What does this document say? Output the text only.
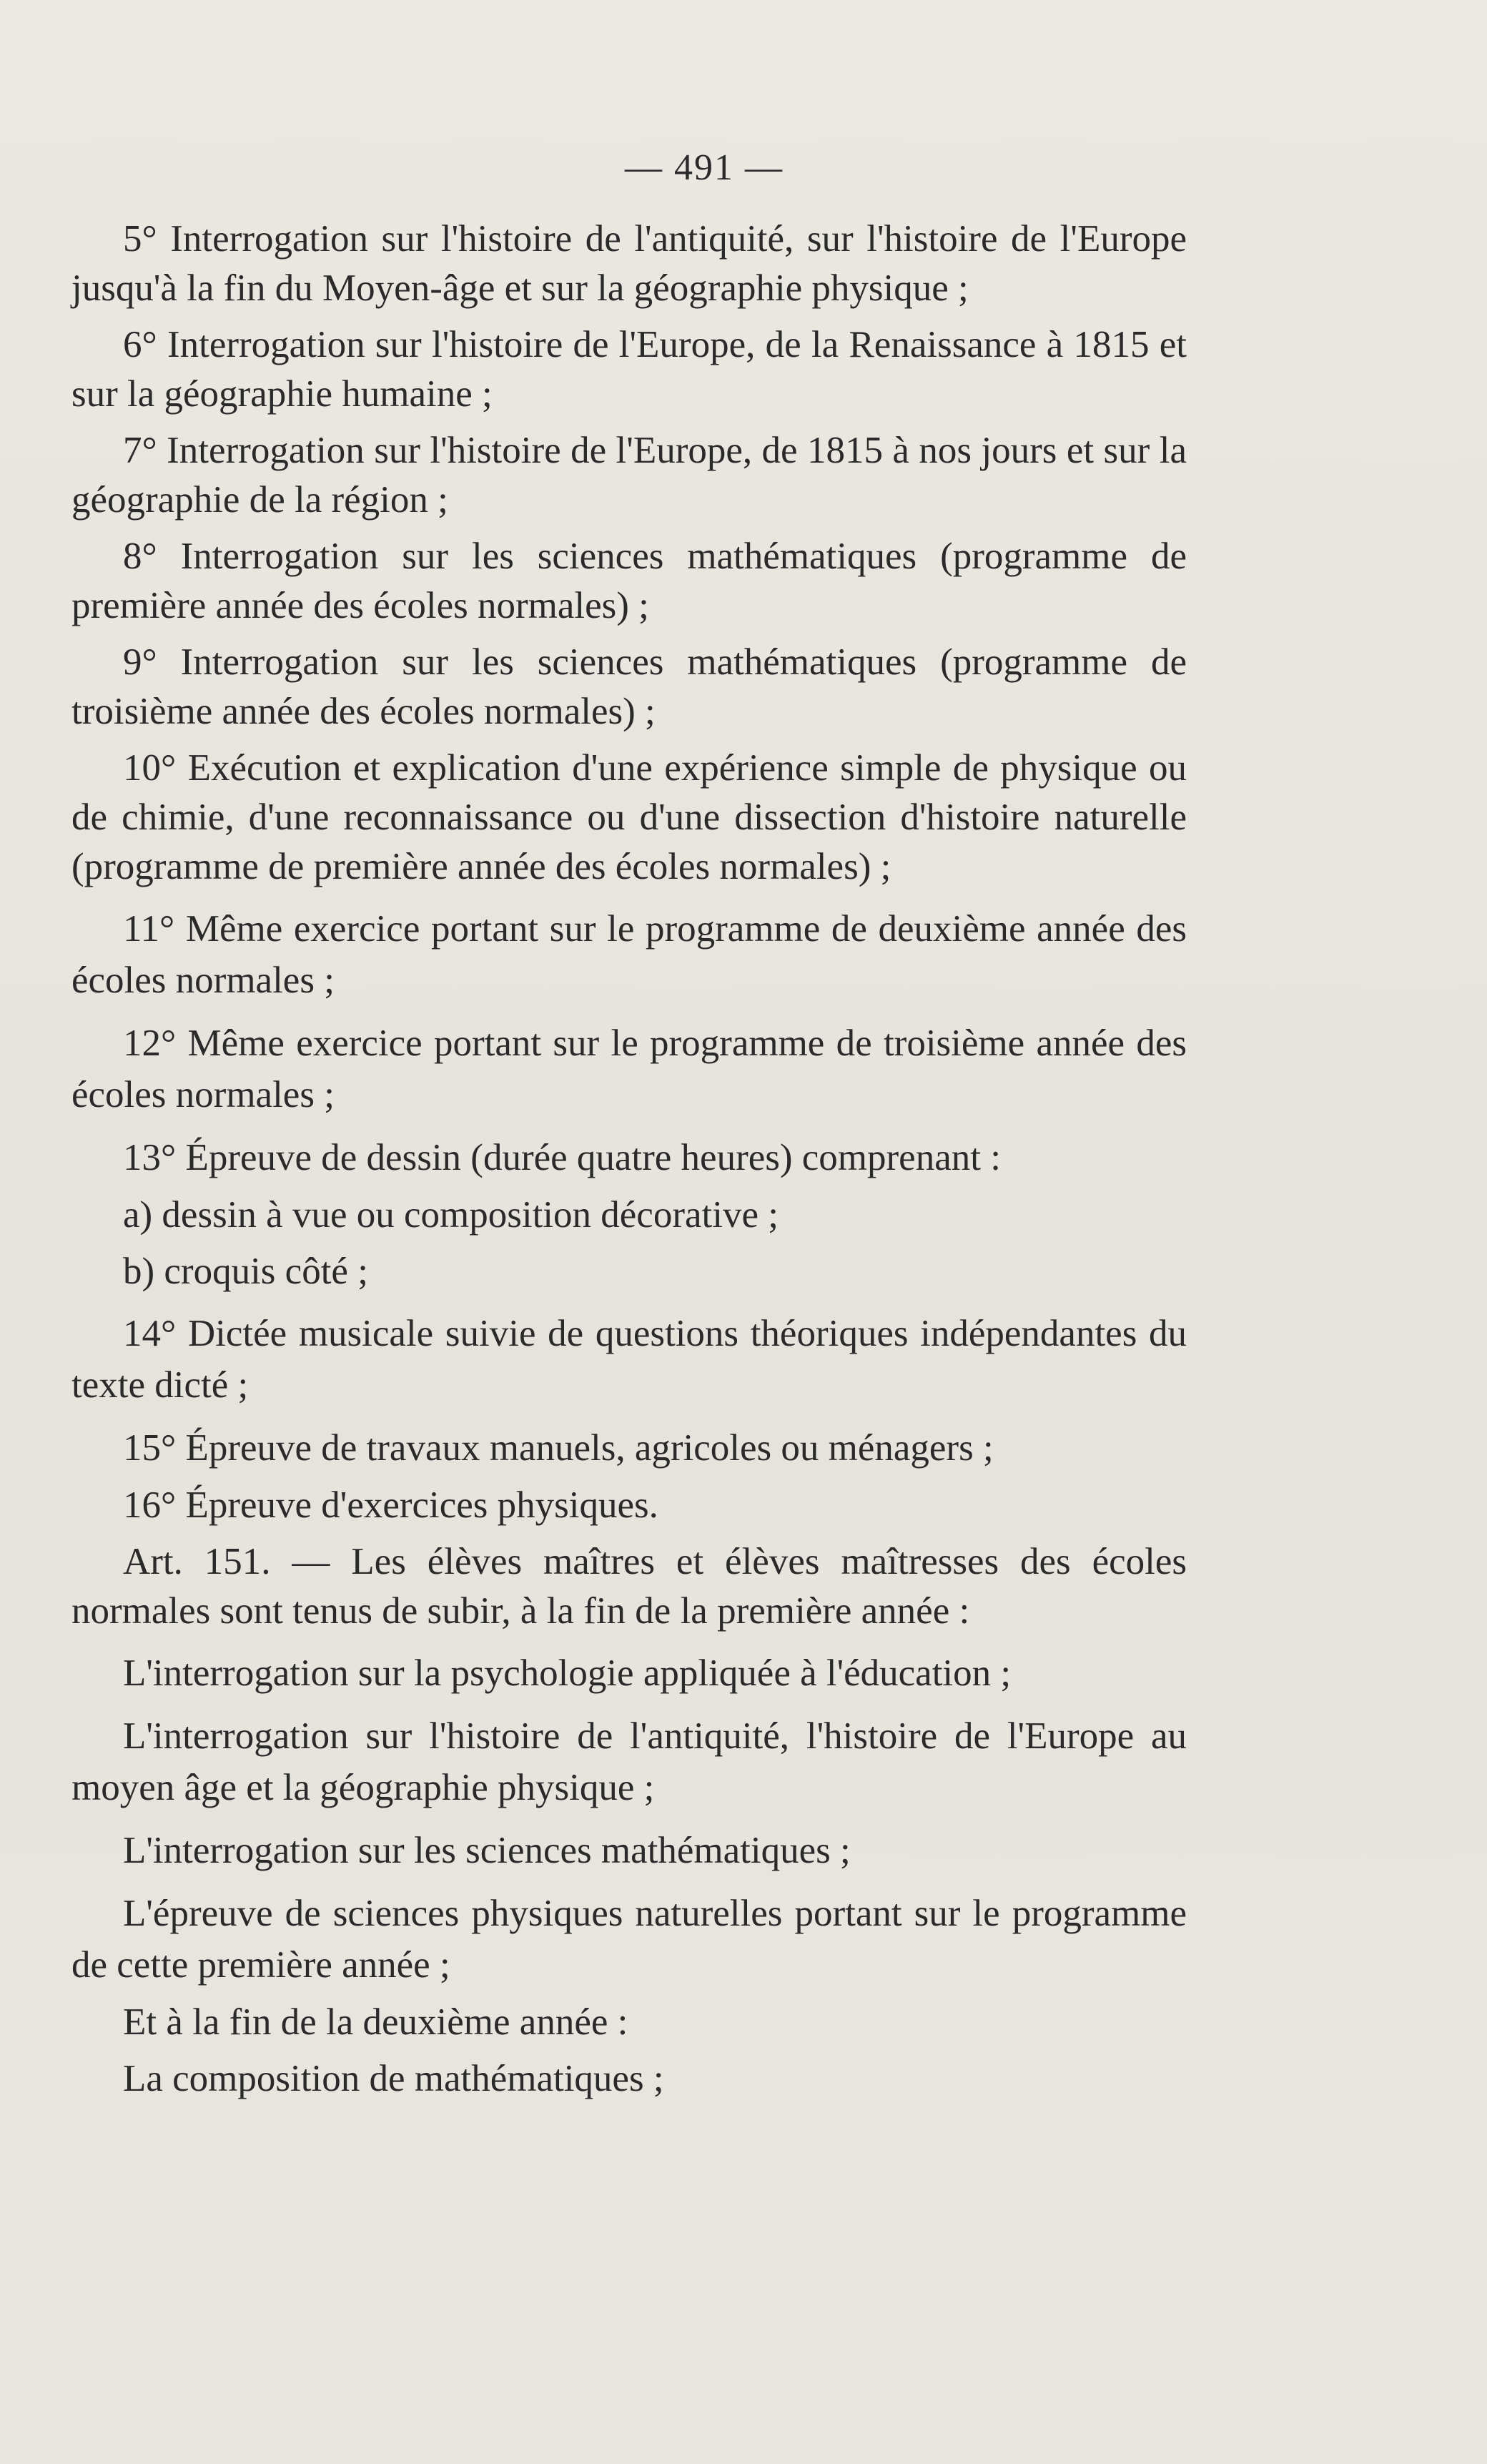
— 491 —

5° Interrogation sur l'histoire de l'antiquité, sur l'histoire de l'Europe jusqu'à la fin du Moyen-âge et sur la géographie physique ;

6° Interrogation sur l'histoire de l'Europe, de la Renaissance à 1815 et sur la géographie humaine ;

7° Interrogation sur l'histoire de l'Europe, de 1815 à nos jours et sur la géographie de la région ;

8° Interrogation sur les sciences mathématiques (programme de première année des écoles normales) ;

9° Interrogation sur les sciences mathématiques (programme de troisième année des écoles normales) ;

10° Exécution et explication d'une expérience simple de physique ou de chimie, d'une reconnaissance ou d'une dissection d'histoire naturelle (programme de première année des écoles normales) ;

11° Même exercice portant sur le programme de deuxième année des écoles normales ;

12° Même exercice portant sur le programme de troisième année des écoles normales ;

13° Épreuve de dessin (durée quatre heures) comprenant :

a) dessin à vue ou composition décorative ;

b) croquis côté ;

14° Dictée musicale suivie de questions théoriques indépendantes du texte dicté ;

15° Épreuve de travaux manuels, agricoles ou ménagers ;

16° Épreuve d'exercices physiques.

Art. 151. — Les élèves maîtres et élèves maîtresses des écoles normales sont tenus de subir, à la fin de la première année :

L'interrogation sur la psychologie appliquée à l'éducation ;

L'interrogation sur l'histoire de l'antiquité, l'histoire de l'Europe au moyen âge et la géographie physique ;

L'interrogation sur les sciences mathématiques ;

L'épreuve de sciences physiques naturelles portant sur le programme de cette première année ;

Et à la fin de la deuxième année :

La composition de mathématiques ;
